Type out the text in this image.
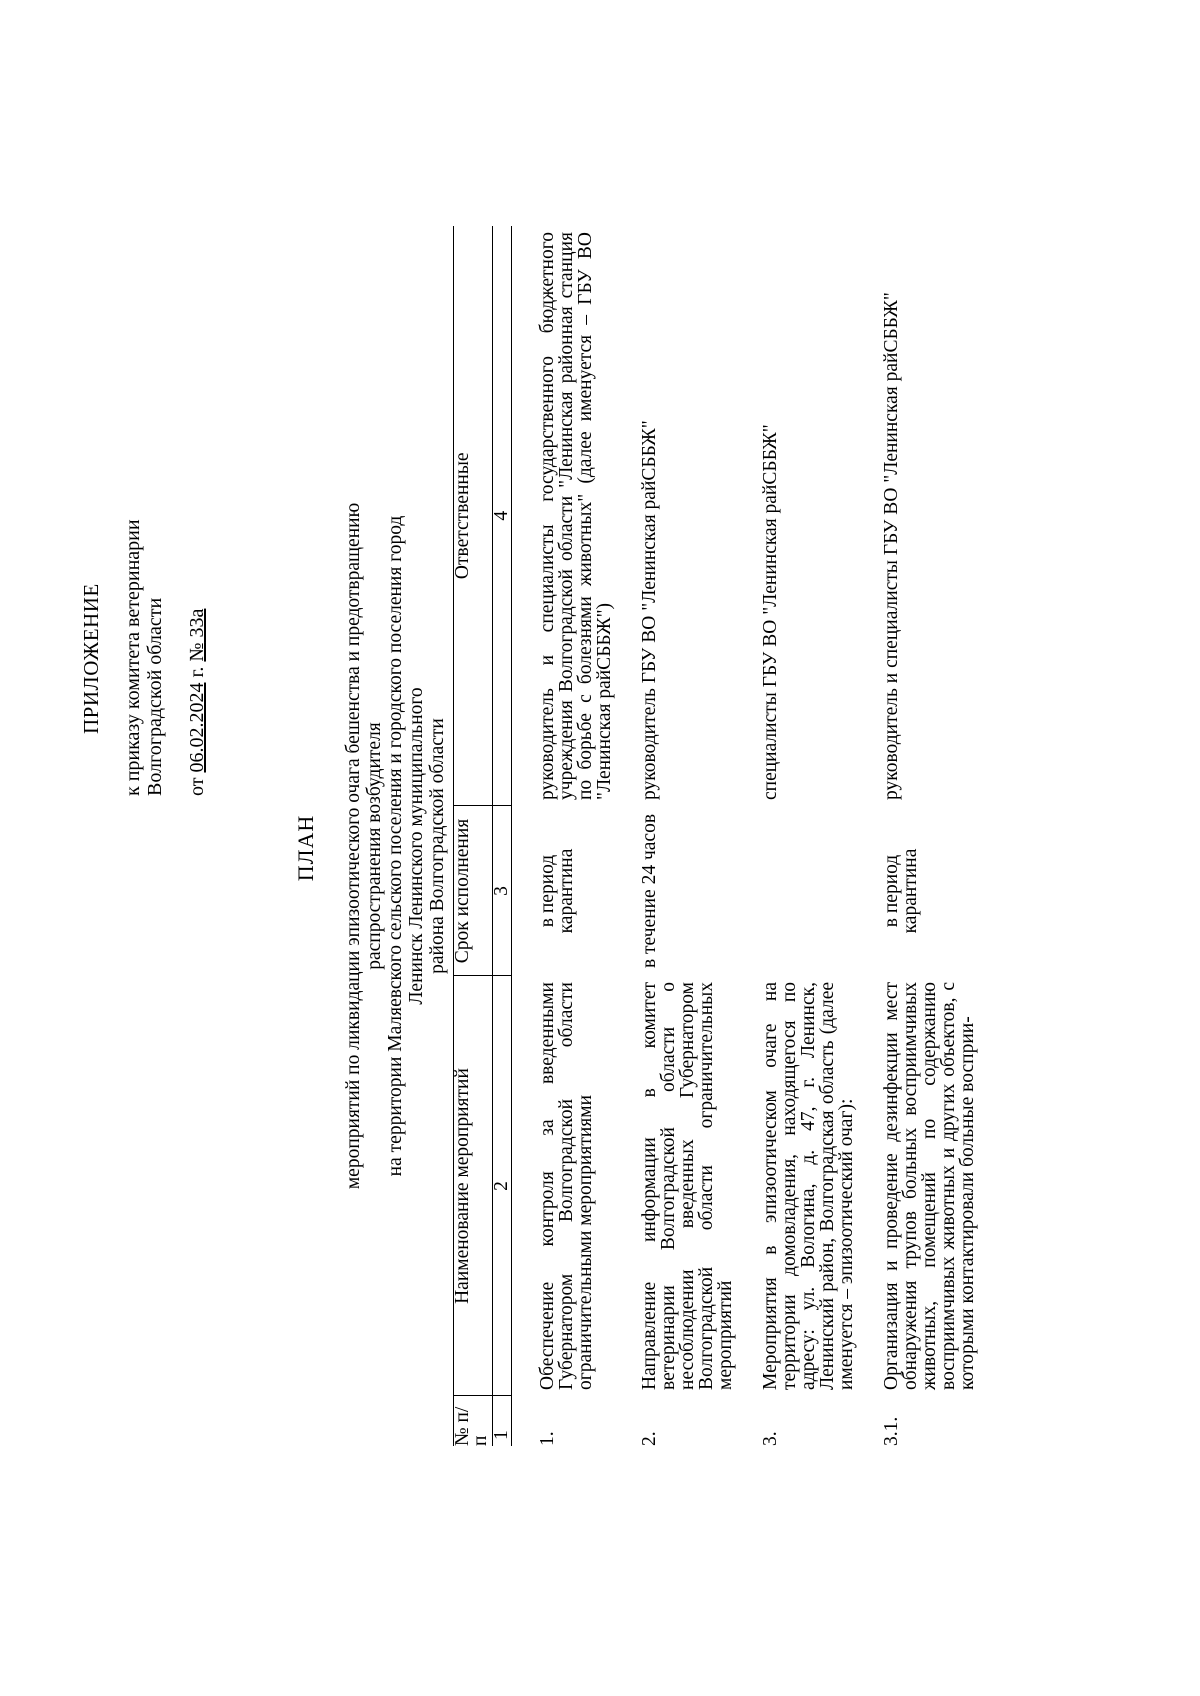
ПРИЛОЖЕНИЕ к приказу комитета ветеринарии Волгоградской области от 06.02.2024 г. № 33а
ПЛАН мероприятий по ликвидации эпизоотического очага бешенства и предотвращению распространения возбудителя на территории Маляевского сельского поселения и городского поселения город Ленинск Ленинского муниципального района Волгоградской области
№ п/п	Наименование мероприятий	Срок исполнения	Ответственные
1	2	3	4
1.	Обеспечение контроля за введенными Губернатором Волгоградской области ограничительными мероприятиями	в период карантина	руководитель и специалисты государственного бюджетного учреждения Волгоградской области "Ленинская районная станция по борьбе с болезнями животных" (далее именуется – ГБУ ВО "Ленинская райСББЖ")
2.	Направление информации в комитет ветеринарии Волгоградской области о несоблюдении введенных Губернатором Волгоградской области ограничительных мероприятий	в течение 24 часов	руководитель ГБУ ВО "Ленинская райСББЖ"
3.	Мероприятия в эпизоотическом очаге на территории домовладения, находящегося по адресу: ул. Вологина, д. 47, г. Ленинск, Ленинский район, Волгоградская область (далее именуется – эпизоотический очаг):		специалисты ГБУ ВО "Ленинская райСББЖ"
3.1.	Организация и проведение дезинфекции мест обнаружения трупов больных восприимчивых животных, помещений по содержанию восприимчивых животных и других объектов, с которыми контактировали больные восприи-	в период карантина	руководитель и специалисты ГБУ ВО "Ленинская райСББЖ"
